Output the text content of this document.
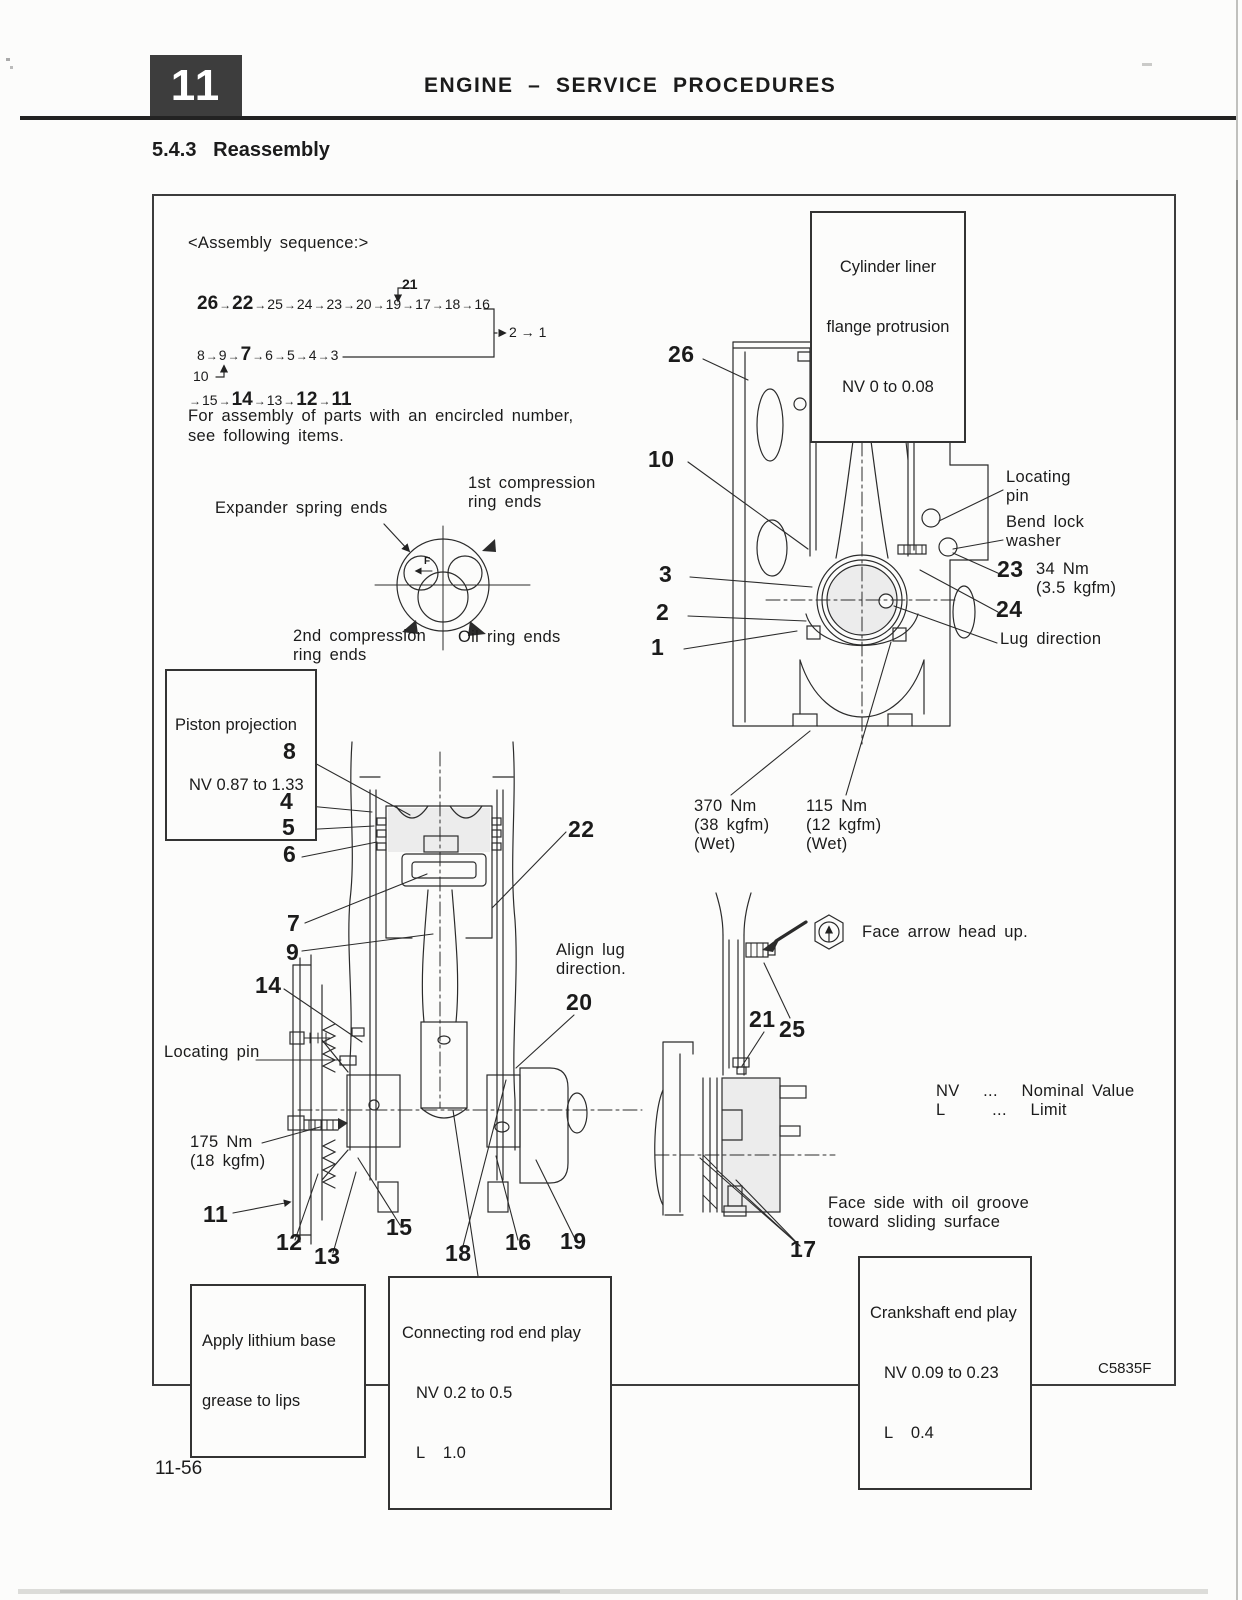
11	ENGINE  –  SERVICE  PROCEDURES
5.4.3   Reassembly
<Assembly sequence:>
26 → 22 → 25 → 24 → 23 → 20 → 19 → 17 → 18 → 16
21
2 → 1
8 → 9 → 7 → 6 → 5 → 4 → 3
10
→ 15 → 14 → 13 → 12 → 11
For assembly of parts with an encircled number,
see following items.
Expander spring ends
1st compression
ring ends
2nd compression
ring ends
Oil ring ends
F

Piston projection

NV 0.87 to 1.33

Cylinder liner

flange protrusion

NV 0 to 0.08

26
10
3
2
1
Locating
pin
Bend lock
washer
23 34 Nm
(3.5 kgfm)
24
Lug direction
370 Nm
(38 kgfm)
(Wet)
115 Nm
(12 kgfm)
(Wet)
8
4
5
6
7
9
14
22
Align lug
direction.
20
Locating pin
175 Nm
(18 kgfm)
11
12
13
15
18 16 19
Face arrow head up.
21 25
NV   ...   Nominal Value
L      ...   Limit
Face side with oil groove
toward sliding surface
17

Apply lithium base

grease to lips

Connecting rod end play

NV 0.2 to 0.5

L    1.0

Crankshaft end play

NV 0.09 to 0.23

L    0.4

C5835F
11-56
